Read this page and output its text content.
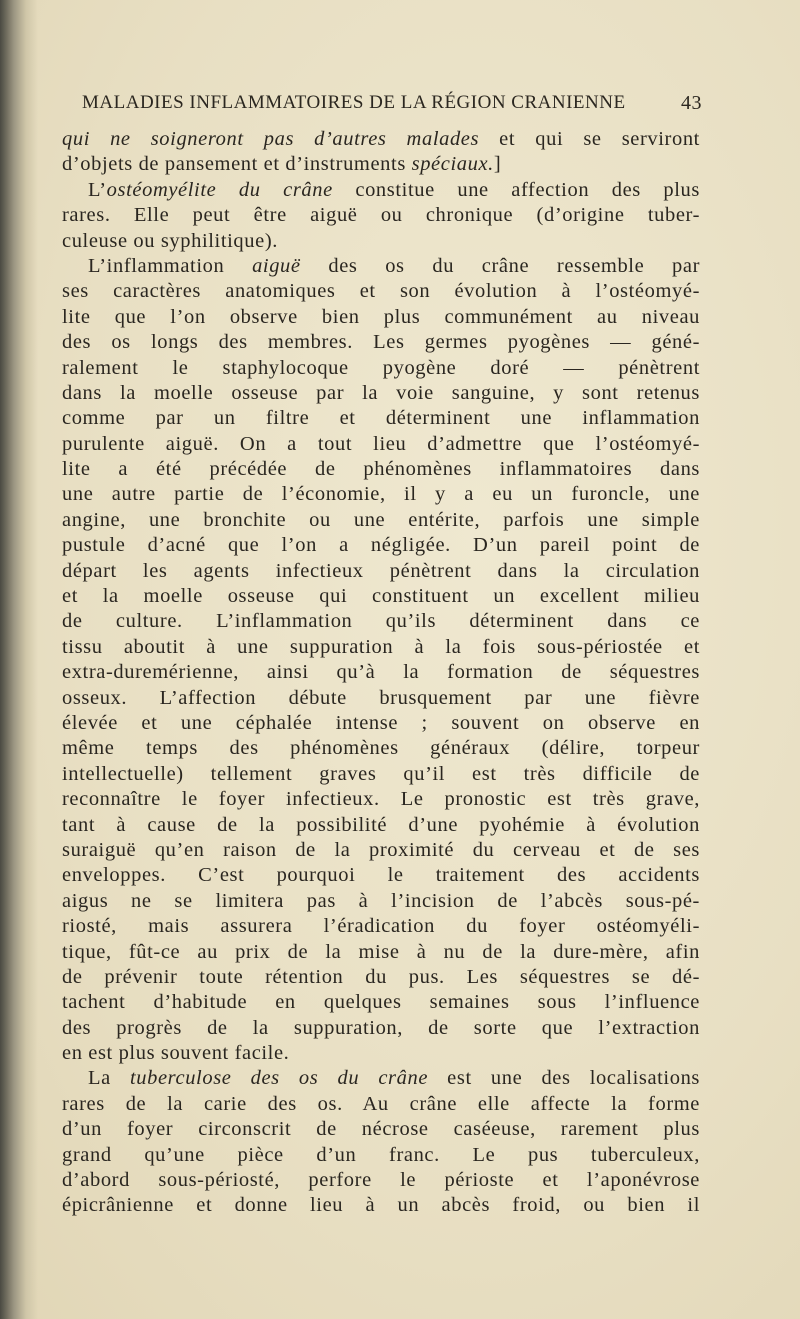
MALADIES INFLAMMATOIRES DE LA RÉGION CRANIENNE	43
qui ne soigneront pas d’autres malades et qui se serviront
d’objets de pansement et d’instruments spéciaux.]
L’ostéomyélite du crâne constitue une affection des plus
rares. Elle peut être aiguë ou chronique (d’origine tuber-
culeuse ou syphilitique).
L’inflammation aiguë des os du crâne ressemble par
ses caractères anatomiques et son évolution à l’ostéomyé-
lite que l’on observe bien plus communément au niveau
des os longs des membres. Les germes pyogènes — géné-
ralement le staphylocoque pyogène doré — pénètrent
dans la moelle osseuse par la voie sanguine, y sont retenus
comme par un filtre et déterminent une inflammation
purulente aiguë. On a tout lieu d’admettre que l’ostéomyé-
lite a été précédée de phénomènes inflammatoires dans
une autre partie de l’économie, il y a eu un furoncle, une
angine, une bronchite ou une entérite, parfois une simple
pustule d’acné que l’on a négligée. D’un pareil point de
départ les agents infectieux pénètrent dans la circulation
et la moelle osseuse qui constituent un excellent milieu
de culture. L’inflammation qu’ils déterminent dans ce
tissu aboutit à une suppuration à la fois sous-périostée et
extra-duremérienne, ainsi qu’à la formation de séquestres
osseux. L’affection débute brusquement par une fièvre
élevée et une céphalée intense ; souvent on observe en
même temps des phénomènes généraux (délire, torpeur
intellectuelle) tellement graves qu’il est très difficile de
reconnaître le foyer infectieux. Le pronostic est très grave,
tant à cause de la possibilité d’une pyohémie à évolution
suraiguë qu’en raison de la proximité du cerveau et de ses
enveloppes. C’est pourquoi le traitement des accidents
aigus ne se limitera pas à l’incision de l’abcès sous-pé-
riosté, mais assurera l’éradication du foyer ostéomyéli-
tique, fût-ce au prix de la mise à nu de la dure-mère, afin
de prévenir toute rétention du pus. Les séquestres se dé-
tachent d’habitude en quelques semaines sous l’influence
des progrès de la suppuration, de sorte que l’extraction
en est plus souvent facile.
La tuberculose des os du crâne est une des localisations
rares de la carie des os. Au crâne elle affecte la forme
d’un foyer circonscrit de nécrose caséeuse, rarement plus
grand qu’une pièce d’un franc. Le pus tuberculeux,
d’abord sous-périosté, perfore le périoste et l’aponévrose
épicrânienne et donne lieu à un abcès froid, ou bien il
